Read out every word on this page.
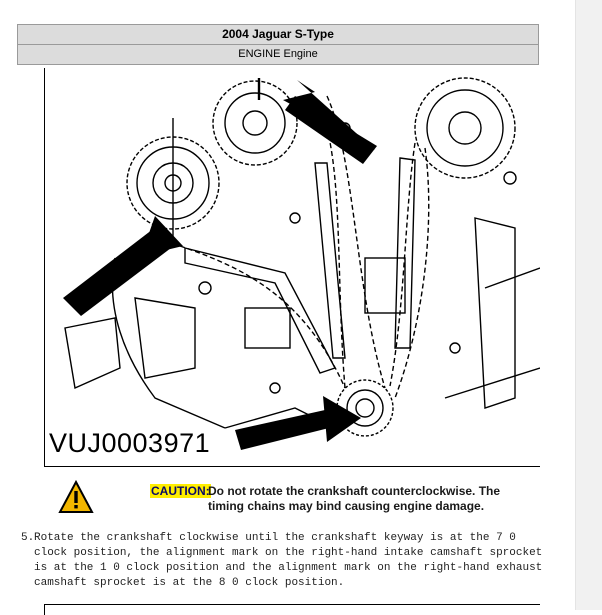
2004 Jaguar S-Type
ENGINE Engine
VUJ0003971
CAUTION:
Do not rotate the crankshaft counterclockwise. The timing chains may bind causing engine damage.
5. Rotate the crankshaft clockwise until the crankshaft keyway is at the 7 0 clock position, the alignment mark on the right-hand intake camshaft sprocket is at the 1 0 clock position and the alignment mark on the right-hand exhaust camshaft sprocket is at the 8 0 clock position.
